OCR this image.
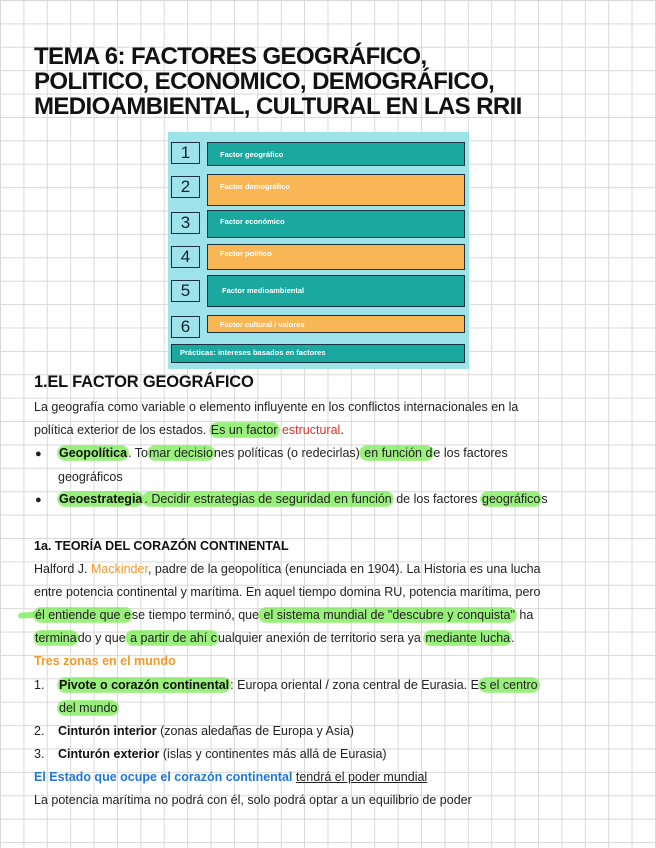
TEMA 6: FACTORES GEOGRÁFICO,
POLITICO, ECONOMICO, DEMOGRÁFICO,
MEDIOAMBIENTAL, CULTURAL EN LAS RRII
1	Factor geográfico
2	Factor demográfico
3	Factor económico
4	Factor político
5	Factor medioambiental
6	Factor cultural / valores
Prácticas: intereses basados en factores
1.EL FACTOR GEOGRÁFICO
La geografía como variable o elemento influyente en los conflictos internacionales en la
política exterior de los estados. Es un factor estructural.
● Geopolítica. Tomar decisiones políticas (o redecirlas) en función de los factores
geográficos
● Geoestrategia . Decidir estrategias de seguridad en función de los factores geográficos
1a. TEORÍA DEL CORAZÓN CONTINENTAL
Halford J. Mackinder, padre de la geopolítica (enunciada en 1904). La Historia es una lucha
entre potencia continental y marítima. En aquel tiempo domina RU, potencia marítima, pero
él entiende que ese tiempo terminó, que el sistema mundial de "descubre y conquista" ha
terminado y que a partir de ahí cualquier anexión de territorio sera ya mediante lucha.
Tres zonas en el mundo
1. Pivote o corazón continental: Europa oriental / zona central de Eurasia. Es el centro
del mundo
2. Cinturón interior (zonas aledañas de Europa y Asia)
3. Cinturón exterior (islas y continentes más allá de Eurasia)
El Estado que ocupe el corazón continental tendrá el poder mundial
La potencia marítima no podrá con él, solo podrá optar a un equilibrio de poder
